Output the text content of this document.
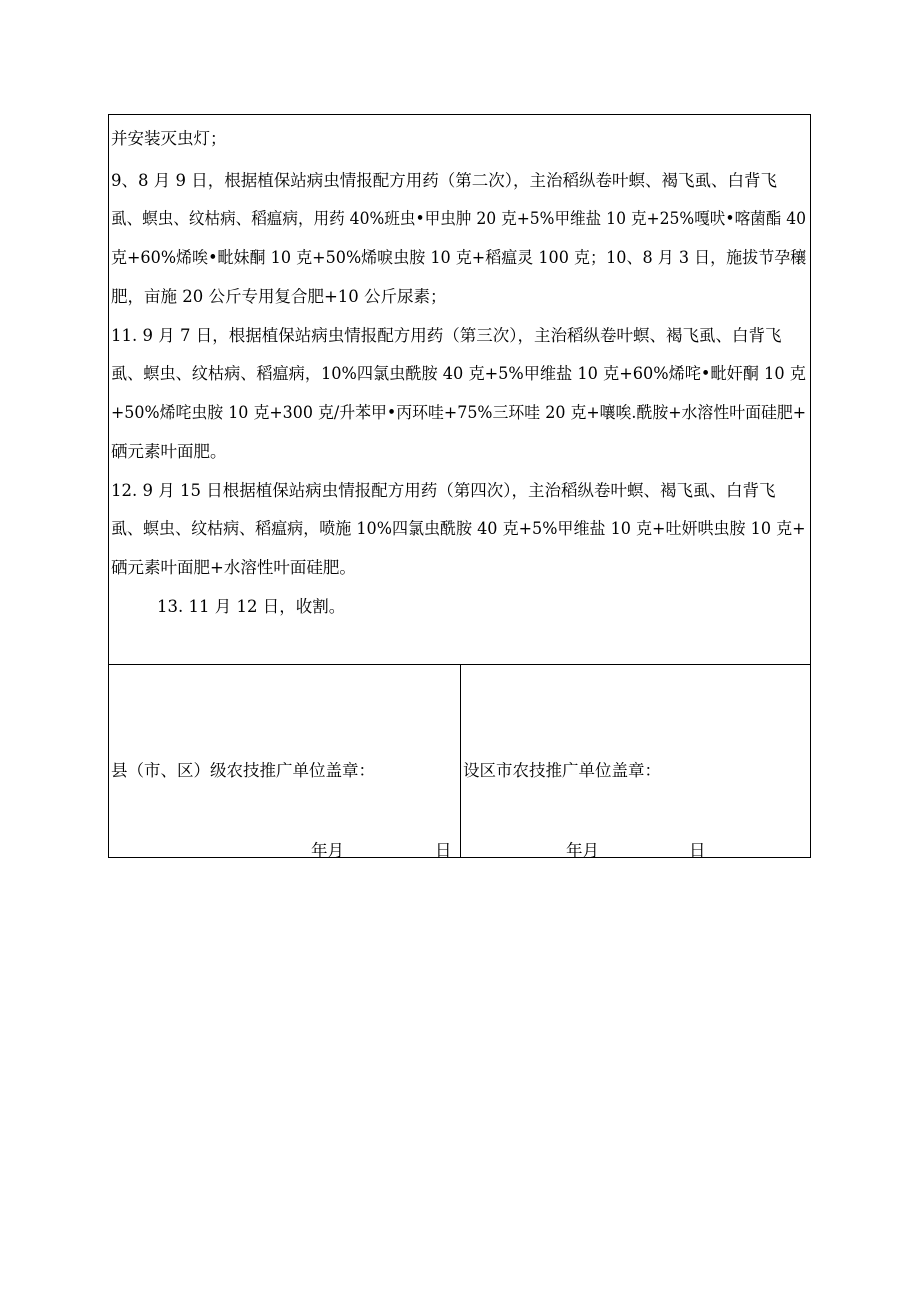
并安装灭虫灯；
9、8 月 9 日，根据植保站病虫情报配方用药（第二次），主治稻纵卷叶螟、褐飞虱、白背飞
虱、螟虫、纹枯病、稻瘟病，用药 40%班虫•甲虫肿 20 克+5%甲维盐 10 克+25%嘎吠•喀菌酯 40
克+60%烯唉•毗妹酮 10 克+50%烯唳虫胺 10 克+稻瘟灵 100 克；10、8 月 3 日，施拔节孕穰
肥，亩施 20 公斤专用复合肥+10 公斤尿素；
11. 9 月 7 日，根据植保站病虫情报配方用药（第三次），主治稻纵卷叶螟、褐飞虱、白背飞
虱、螟虫、纹枯病、稻瘟病，10%四氯虫酰胺 40 克+5%甲维盐 10 克+60%烯咤•毗奸酮 10 克
+50%烯咤虫胺 10 克+300 克/升苯甲•丙环哇+75%三环哇 20 克+嚷唉.酰胺+水溶性叶面硅肥+
硒元素叶面肥。
12. 9 月 15 日根据植保站病虫情报配方用药（第四次），主治稻纵卷叶螟、褐飞虱、白背飞
虱、螟虫、纹枯病、稻瘟病，喷施 10%四氯虫酰胺 40 克+5%甲维盐 10 克+吐妍哄虫胺 10 克+
硒元素叶面肥+水溶性叶面硅肥。
13. 11 月 12 日，收割。
县（市、区）级农技推广单位盖章：
年月	日
设区市农技推广单位盖章：
年月	日
